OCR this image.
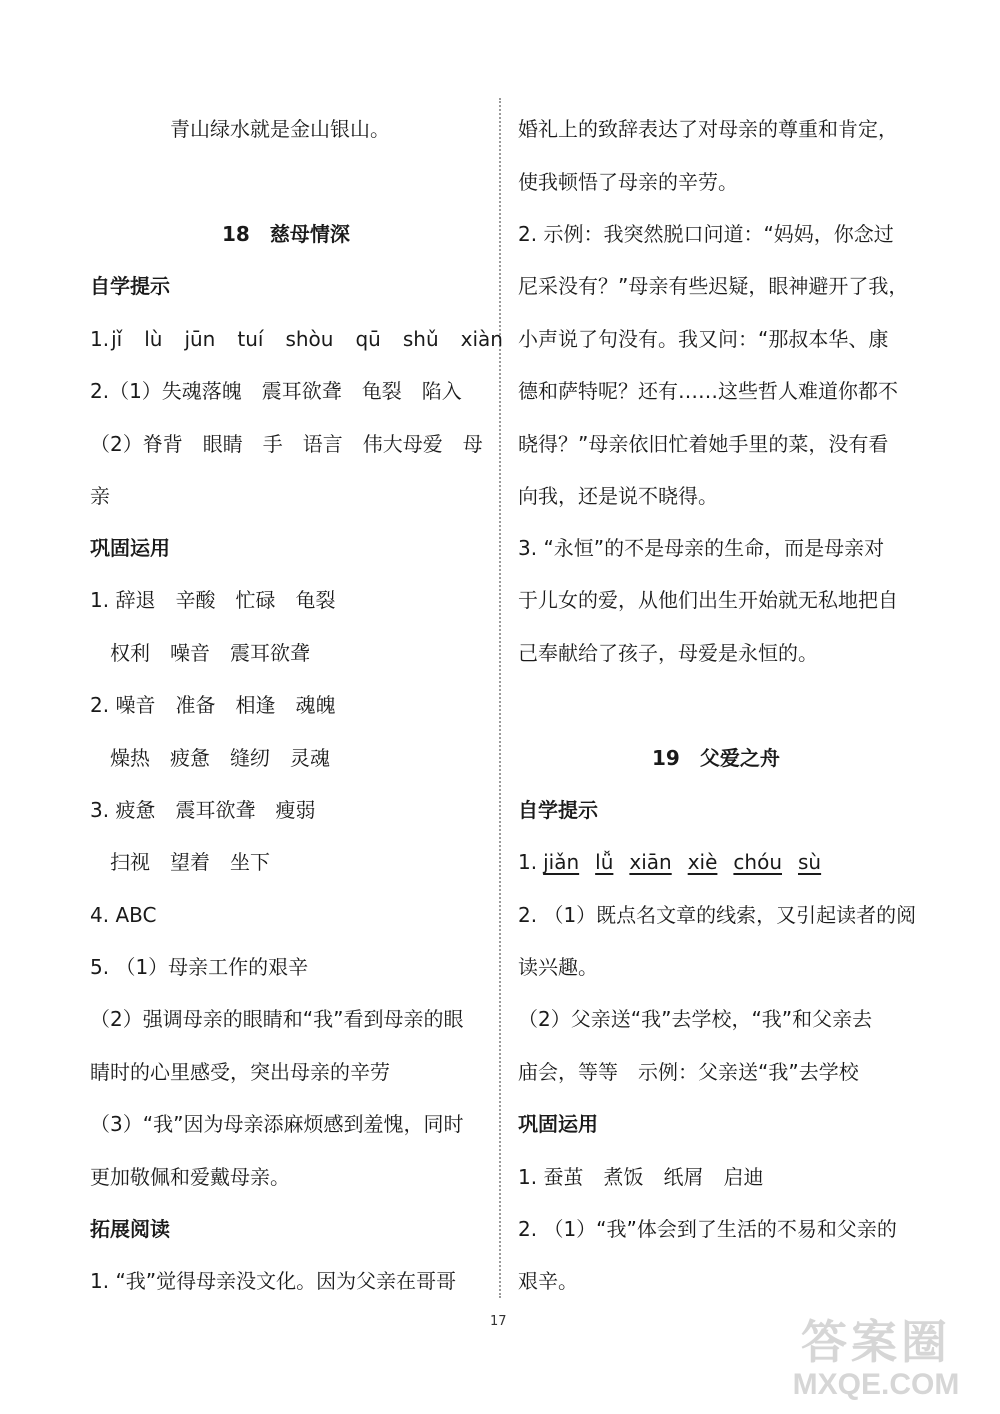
青山绿水就是金山银山。
18　慈母情深
自学提示
1. jǐ lù jūn tuí shòu qū shǔ xiàn
2.（1）失魂落魄　震耳欲聋　龟裂　陷入
（2）脊背　眼睛　手　语言　伟大母爱　母
亲
巩固运用
1. 辞退　辛酸　忙碌　龟裂
权利　噪音　震耳欲聋
2. 噪音　准备　相逢　魂魄
燥热　疲惫　缝纫　灵魂
3. 疲惫　震耳欲聋　瘦弱
扫视　望着　坐下
4. ABC
5. （1）母亲工作的艰辛
（2）强调母亲的眼睛和“我”看到母亲的眼
睛时的心里感受，突出母亲的辛劳
（3）“我”因为母亲添麻烦感到羞愧，同时
更加敬佩和爱戴母亲。
拓展阅读
1. “我”觉得母亲没文化。因为父亲在哥哥
婚礼上的致辞表达了对母亲的尊重和肯定，
使我顿悟了母亲的辛劳。
2. 示例：我突然脱口问道：“妈妈，你念过
尼采没有？”母亲有些迟疑，眼神避开了我，
小声说了句没有。我又问：“那叔本华、康
德和萨特呢？还有……这些哲人难道你都不
晓得？”母亲依旧忙着她手里的菜，没有看
向我，还是说不晓得。
3. “永恒”的不是母亲的生命，而是母亲对
于儿女的爱，从他们出生开始就无私地把自
己奉献给了孩子，母爱是永恒的。
19　父爱之舟
自学提示
1. jiǎn lǚ xiān xiè chóu sù
2. （1）既点名文章的线索，又引起读者的阅
读兴趣。
（2）父亲送“我”去学校，“我”和父亲去
庙会，等等　示例：父亲送“我”去学校
巩固运用
1. 蚕茧　煮饭　纸屑　启迪
2. （1）“我”体会到了生活的不易和父亲的
艰辛。
17	答案圈
MXQE.COM
